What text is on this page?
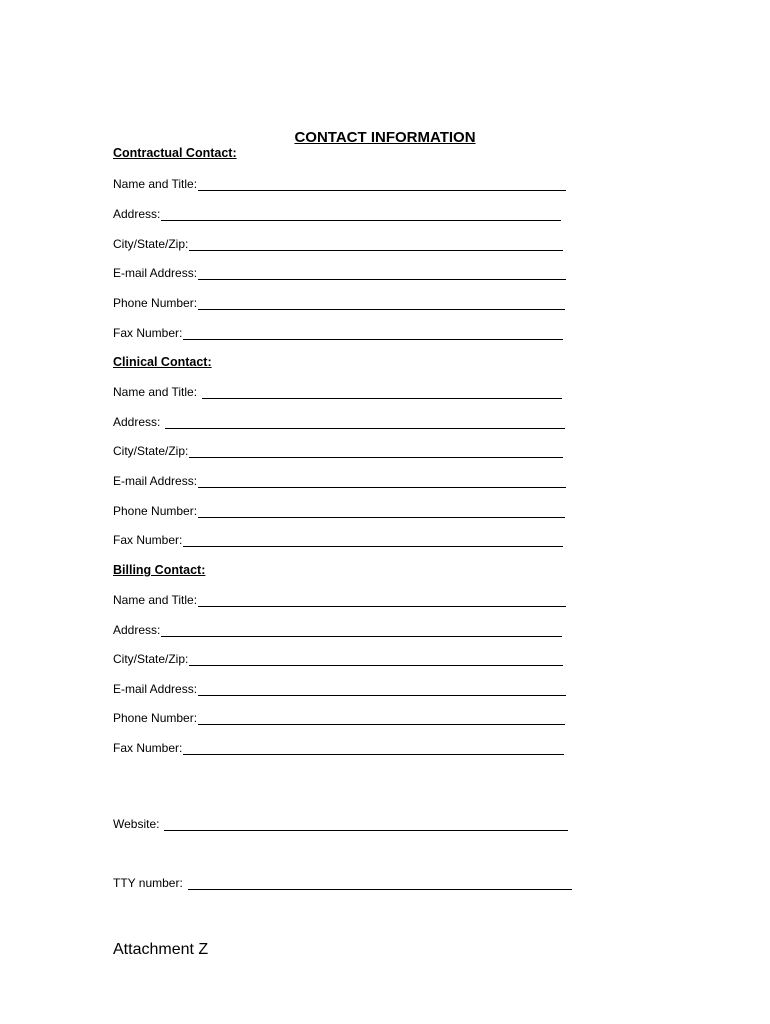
CONTACT INFORMATION
Contractual Contact:
Name and Title:
Address:
City/State/Zip:
E-mail Address:
Phone Number:
Fax Number:
Clinical Contact:
Name and Title:
Address:
City/State/Zip:
E-mail Address:
Phone Number:
Fax Number:
Billing Contact:
Name and Title:
Address:
City/State/Zip:
E-mail Address:
Phone Number:
Fax Number:
Website:
TTY number:
Attachment Z
